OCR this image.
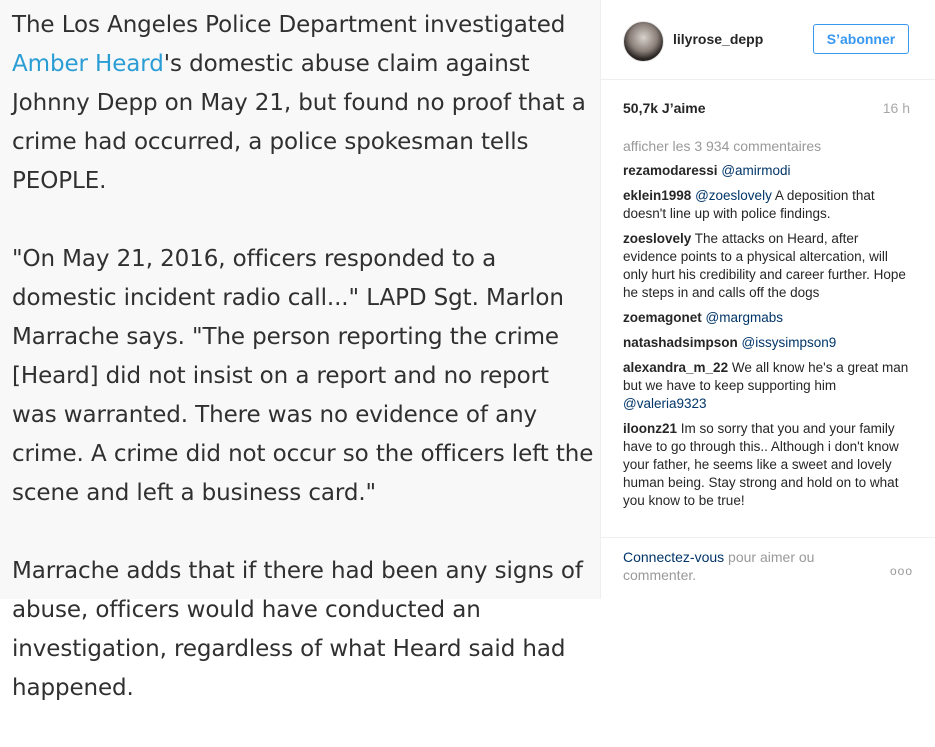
The Los Angeles Police Department investigated Amber Heard's domestic abuse claim against Johnny Depp on May 21, but found no proof that a crime had occurred, a police spokesman tells PEOPLE.

"On May 21, 2016, officers responded to a domestic incident radio call..." LAPD Sgt. Marlon Marrache says. "The person reporting the crime [Heard] did not insist on a report and no report was warranted. There was no evidence of any crime. A crime did not occur so the officers left the scene and left a business card."

Marrache adds that if there had been any signs of abuse, officers would have conducted an investigation, regardless of what Heard said had happened.

lilyrose_depp	S’abonner
50,7k J’aime	16 h
afficher les 3 934 commentaires
rezamodaressi @amirmodi
eklein1998 @zoeslovely A deposition that doesn't line up with police findings.
zoeslovely The attacks on Heard, after evidence points to a physical altercation, will only hurt his credibility and career further. Hope he steps in and calls off the dogs
zoemagonet @margmabs
natashadsimpson @issysimpson9
alexandra_m_22 We all know he's a great man but we have to keep supporting him @valeria9323
iloonz21 Im so sorry that you and your family have to go through this.. Although i don't know your father, he seems like a sweet and lovely human being. Stay strong and hold on to what you know to be true!
Connectez-vous pour aimer ou commenter.	ooo
